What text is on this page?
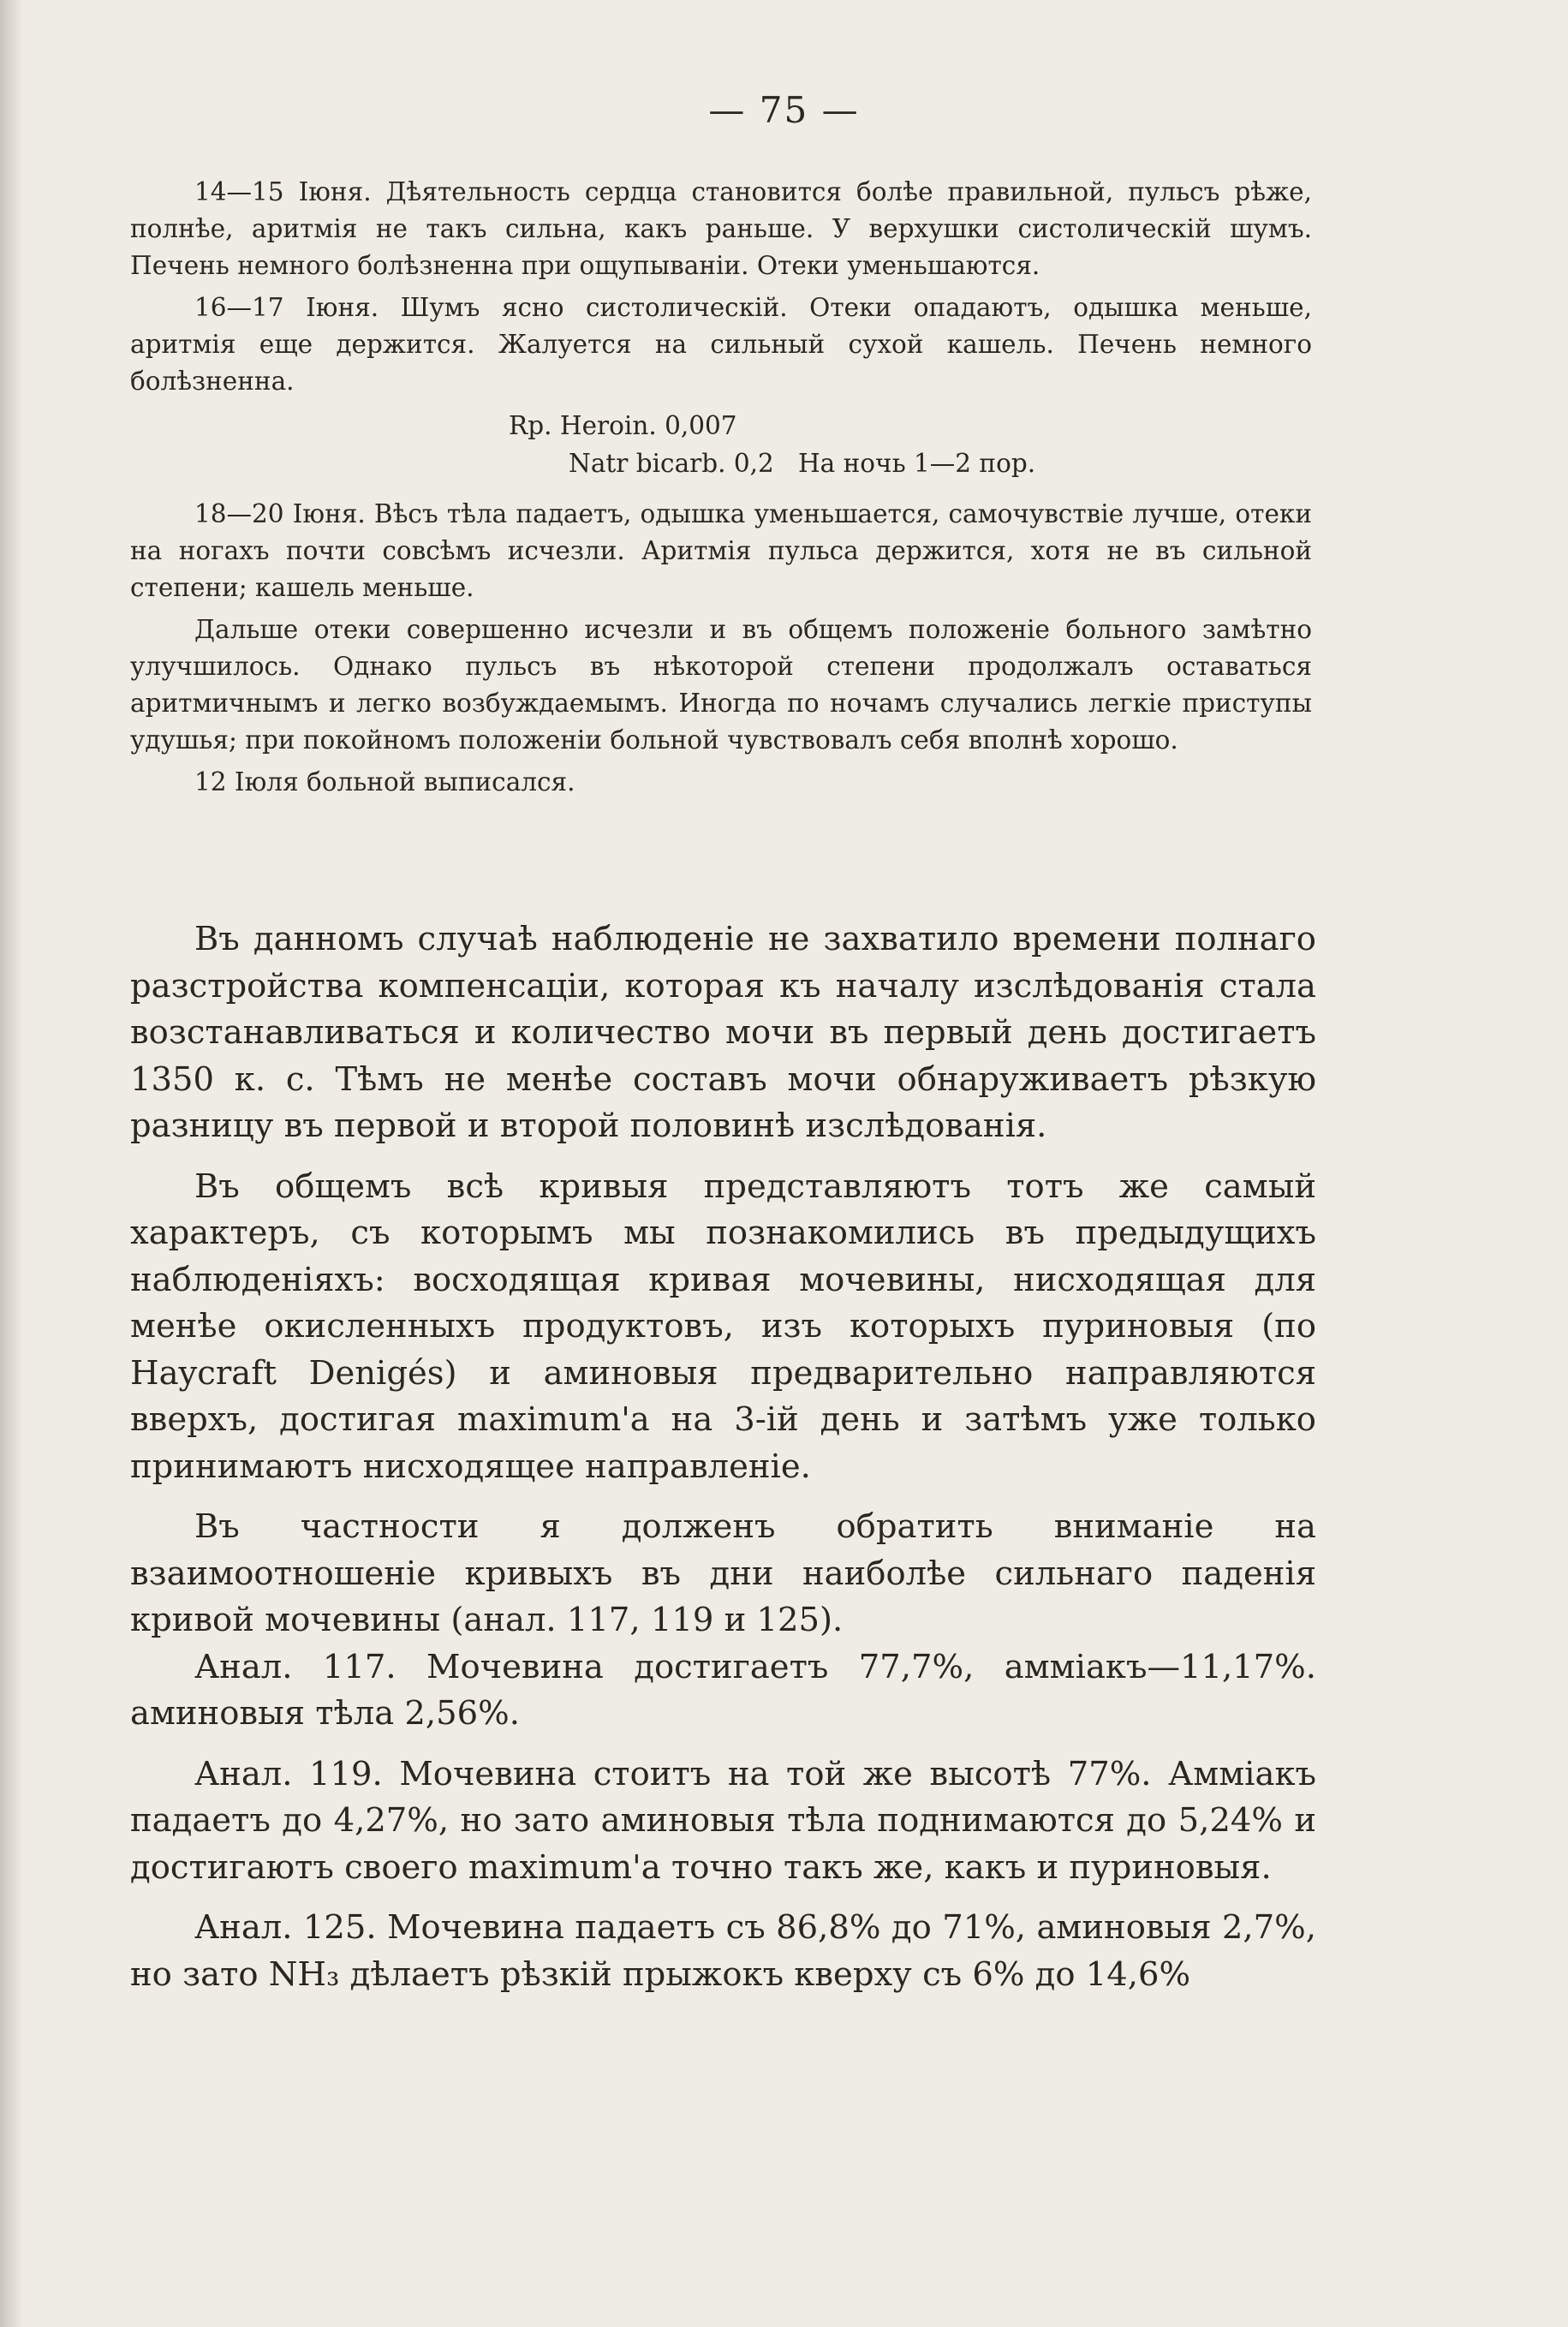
— 75 —

14—15 Іюня. Дѣятельность сердца становится болѣе правильной, пульсъ рѣже, полнѣе, аритмія не такъ сильна, какъ раньше. У верхушки систолическій шумъ. Печень немного болѣзненна при ощупываніи. Отеки уменьшаются.

16—17 Іюня. Шумъ ясно систолическій. Отеки опадаютъ, одышка меньше, аритмія еще держится. Жалуется на сильный сухой кашель. Печень немного болѣзненна.

Rp. Heroin. 0,007
Natr bicarb. 0,2   На ночь 1—2 пор.

18—20 Іюня. Вѣсъ тѣла падаетъ, одышка уменьшается, самочувствіе лучше, отеки на ногахъ почти совсѣмъ исчезли. Аритмія пульса держится, хотя не въ сильной степени; кашель меньше.

Дальше отеки совершенно исчезли и въ общемъ положеніе больного замѣтно улучшилось. Однако пульсъ въ нѣкоторой степени продолжалъ оставаться аритмичнымъ и легко возбуждаемымъ. Иногда по ночамъ случались легкіе приступы удушья; при покойномъ положеніи больной чувствовалъ себя вполнѣ хорошо.

12 Іюля больной выписался.

Въ данномъ случаѣ наблюденіе не захватило времени полнаго разстройства компенсаціи, которая къ началу изслѣдованія стала возстанавливаться и количество мочи въ первый день достигаетъ 1350 к. с. Тѣмъ не менѣе составъ мочи обнаруживаетъ рѣзкую разницу въ первой и второй половинѣ изслѣдованія.

Въ общемъ всѣ кривыя представляютъ тотъ же самый характеръ, съ которымъ мы познакомились въ предыдущихъ наблюденіяхъ: восходящая кривая мочевины, нисходящая для менѣе окисленныхъ продуктовъ, изъ которыхъ пуриновыя (по Haycraft Denigés) и аминовыя предварительно направляются вверхъ, достигая maximum'а на 3-ій день и затѣмъ уже только принимаютъ нисходящее направленіе.

Въ частности я долженъ обратить вниманіе на взаимоотношеніе кривыхъ въ дни наиболѣе сильнаго паденія кривой мочевины (анал. 117, 119 и 125).

Анал. 117. Мочевина достигаетъ 77,7%, аммiакъ—11,17%. аминовыя тѣла 2,56%.

Анал. 119. Мочевина стоитъ на той же высотѣ 77%. Амміакъ падаетъ до 4,27%, но зато аминовыя тѣла поднимаются до 5,24% и достигаютъ своего maximum'а точно такъ же, какъ и пуриновыя.

Анал. 125. Мочевина падаетъ съ 86,8% до 71%, аминовыя 2,7%, но зато NH₃ дѣлаетъ рѣзкій прыжокъ кверху съ 6% до 14,6%
